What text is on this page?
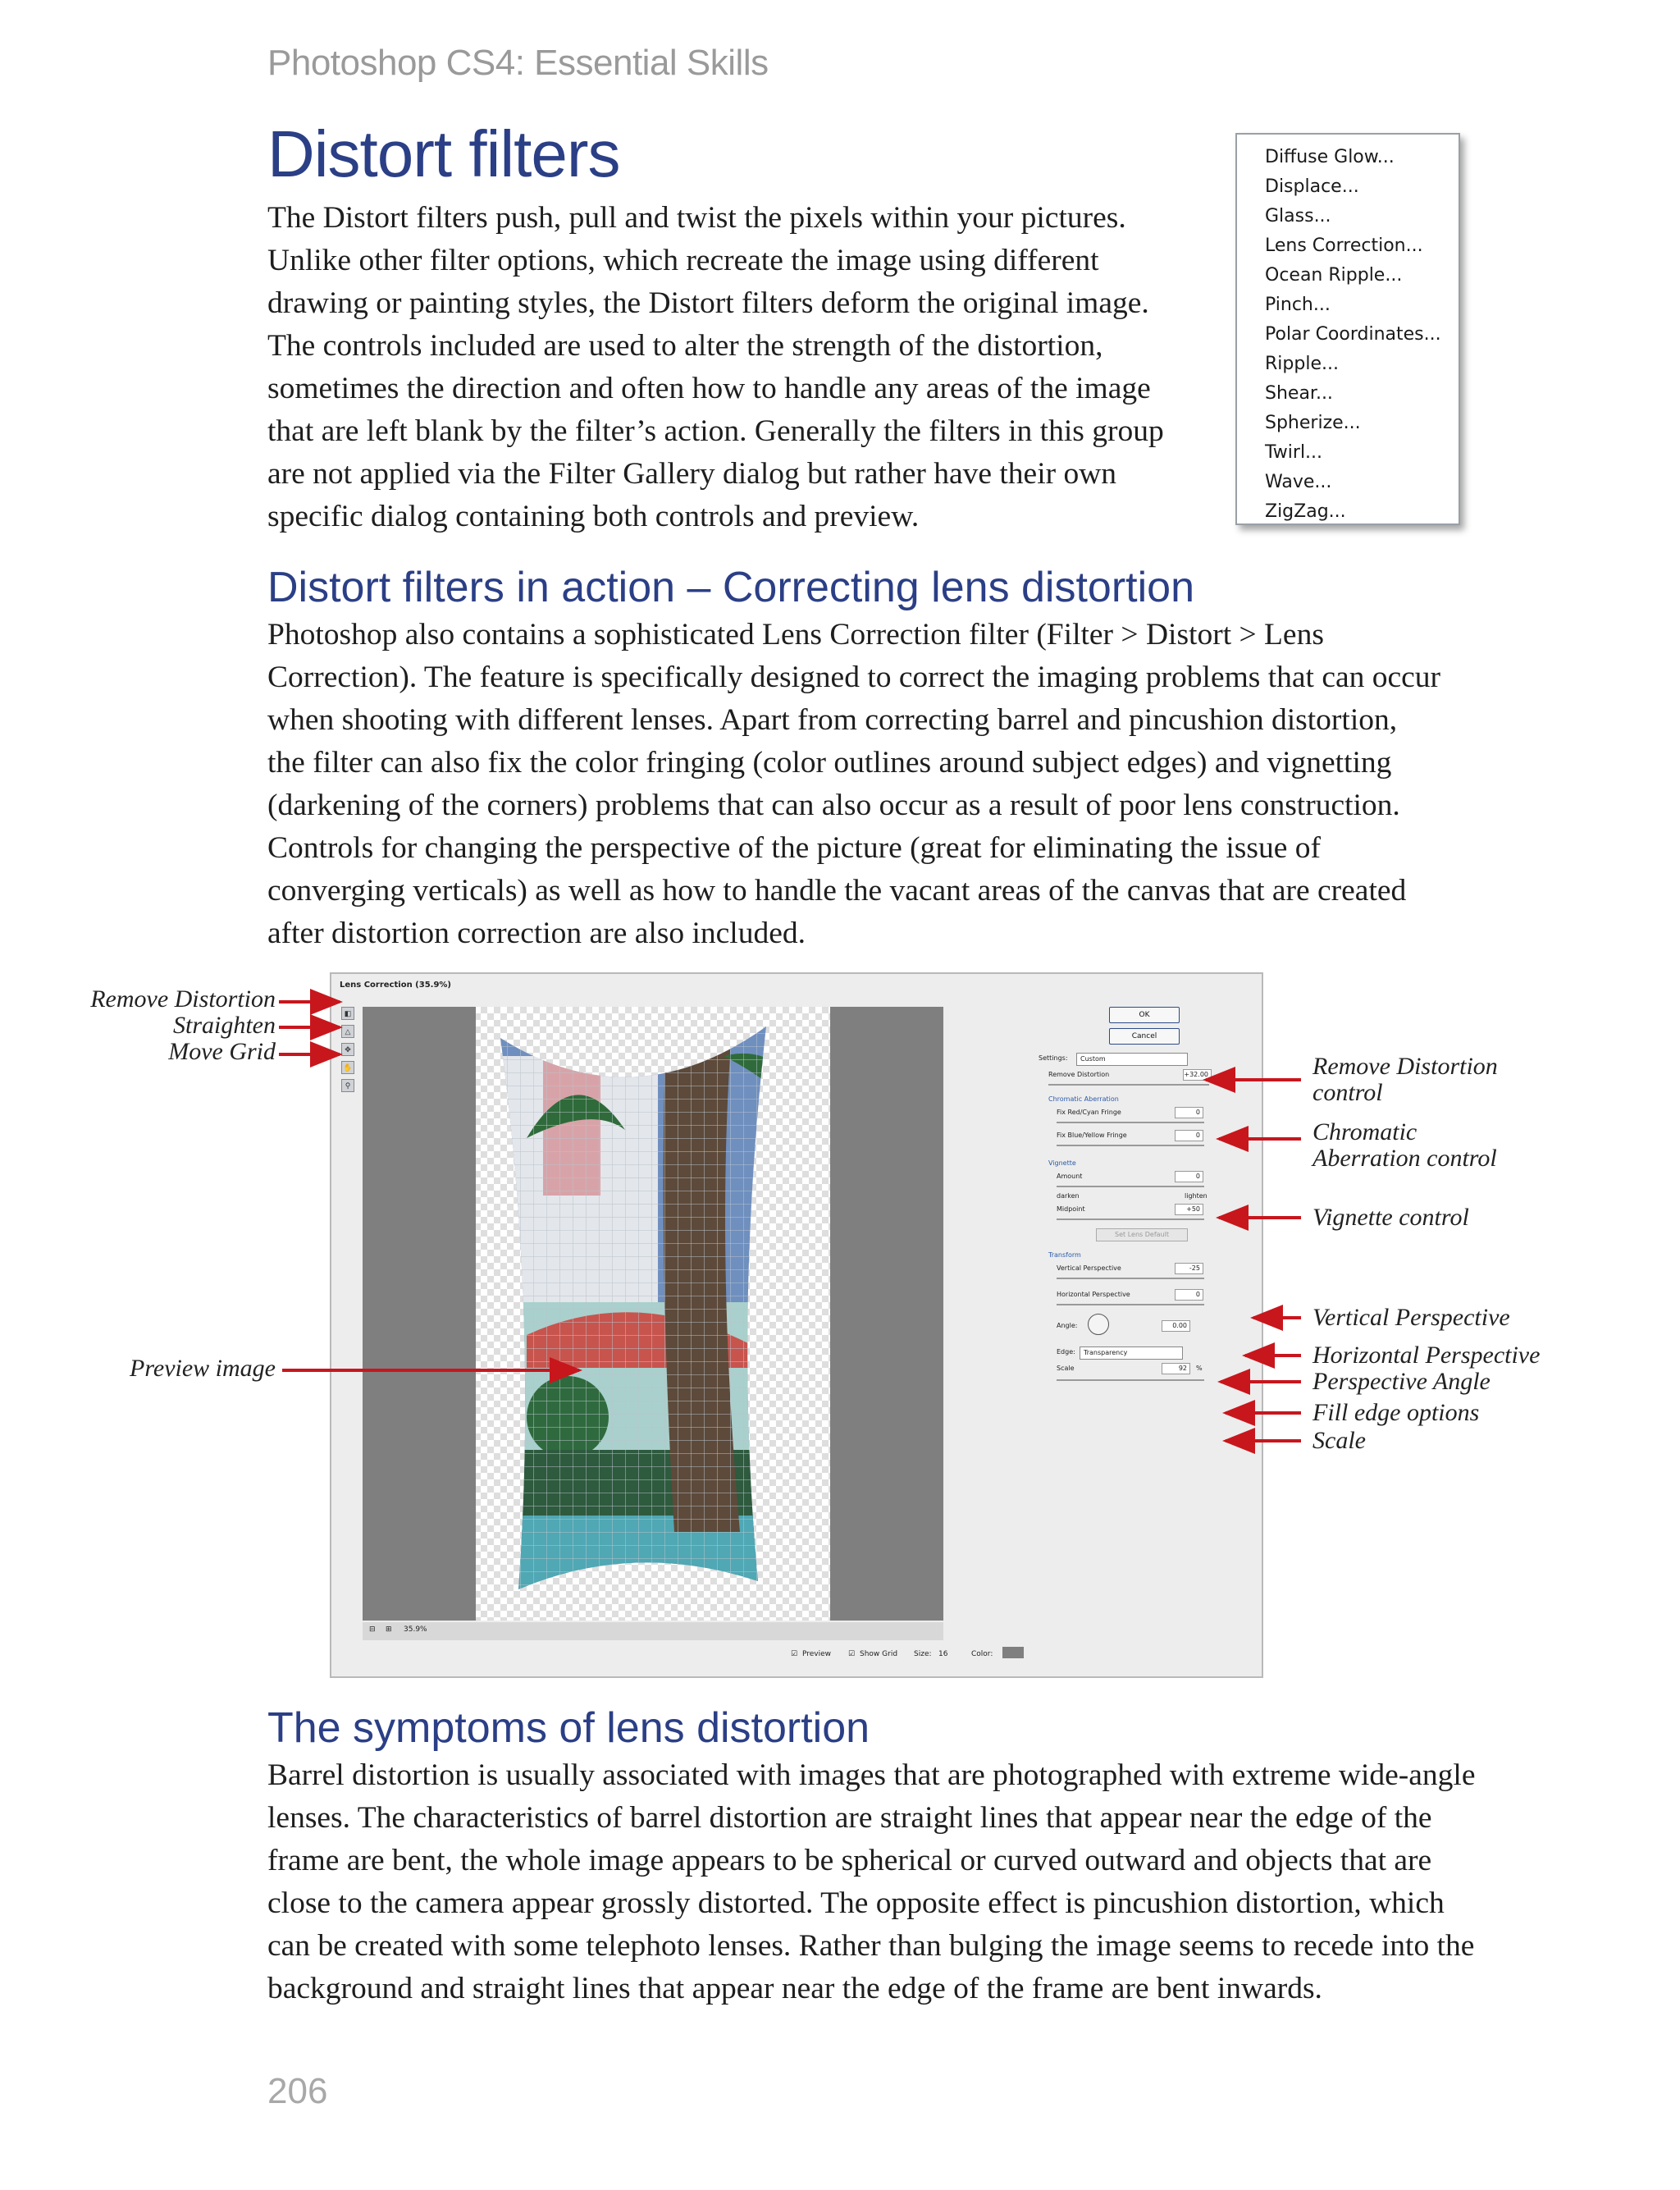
Photoshop CS4: Essential Skills
Distort filters
The Distort filters push, pull and twist the pixels within your pictures.
Unlike other filter options, which recreate the image using different
drawing or painting styles, the Distort filters deform the original image.
The controls included are used to alter the strength of the distortion,
sometimes the direction and often how to handle any areas of the image
that are left blank by the filter’s action. Generally the filters in this group
are not applied via the Filter Gallery dialog but rather have their own
specific dialog containing both controls and preview.
Diffuse Glow...
Displace...
Glass...
Lens Correction...
Ocean Ripple...
Pinch...
Polar Coordinates...
Ripple...
Shear...
Spherize...
Twirl...
Wave...
ZigZag...
Distort filters in action – Correcting lens distortion
Photoshop also contains a sophisticated Lens Correction filter (Filter > Distort > Lens
Correction). The feature is specifically designed to correct the imaging problems that can occur
when shooting with different lenses. Apart from correcting barrel and pincushion distortion,
the filter can also fix the color fringing (color outlines around subject edges) and vignetting
(darkening of the corners) problems that can also occur as a result of poor lens construction.
Controls for changing the perspective of the picture (great for eliminating the issue of
converging verticals) as well as how to handle the vacant areas of the canvas that are created
after distortion correction are also included.
Lens Correction (35.9%)
◧
△
✥
✋
⚲
⊟ ⊞ 35.9%
OK
Cancel
Settings:	Custom
Remove Distortion	+32.00
Chromatic Aberration
Fix Red/Cyan Fringe	0
Fix Blue/Yellow Fringe	0
Vignette
Amount	0
darken	lighten
Midpoint	+50
Set Lens Default
Transform
Vertical Perspective	-25
Horizontal Perspective	0
Angle:	0.00
Edge:	Transparency
Scale	92	%
☑ Preview ☑ Show Grid Size: 16	Color:
Remove Distortion
Straighten
Move Grid
Preview image
Remove Distortion
control
Chromatic
Aberration control
Vignette control
Vertical Perspective
Horizontal Perspective
Perspective Angle
Fill edge options
Scale
The symptoms of lens distortion
Barrel distortion is usually associated with images that are photographed with extreme wide-angle
lenses. The characteristics of barrel distortion are straight lines that appear near the edge of the
frame are bent, the whole image appears to be spherical or curved outward and objects that are
close to the camera appear grossly distorted. The opposite effect is pincushion distortion, which
can be created with some telephoto lenses. Rather than bulging the image seems to recede into the
background and straight lines that appear near the edge of the frame are bent inwards.
206
